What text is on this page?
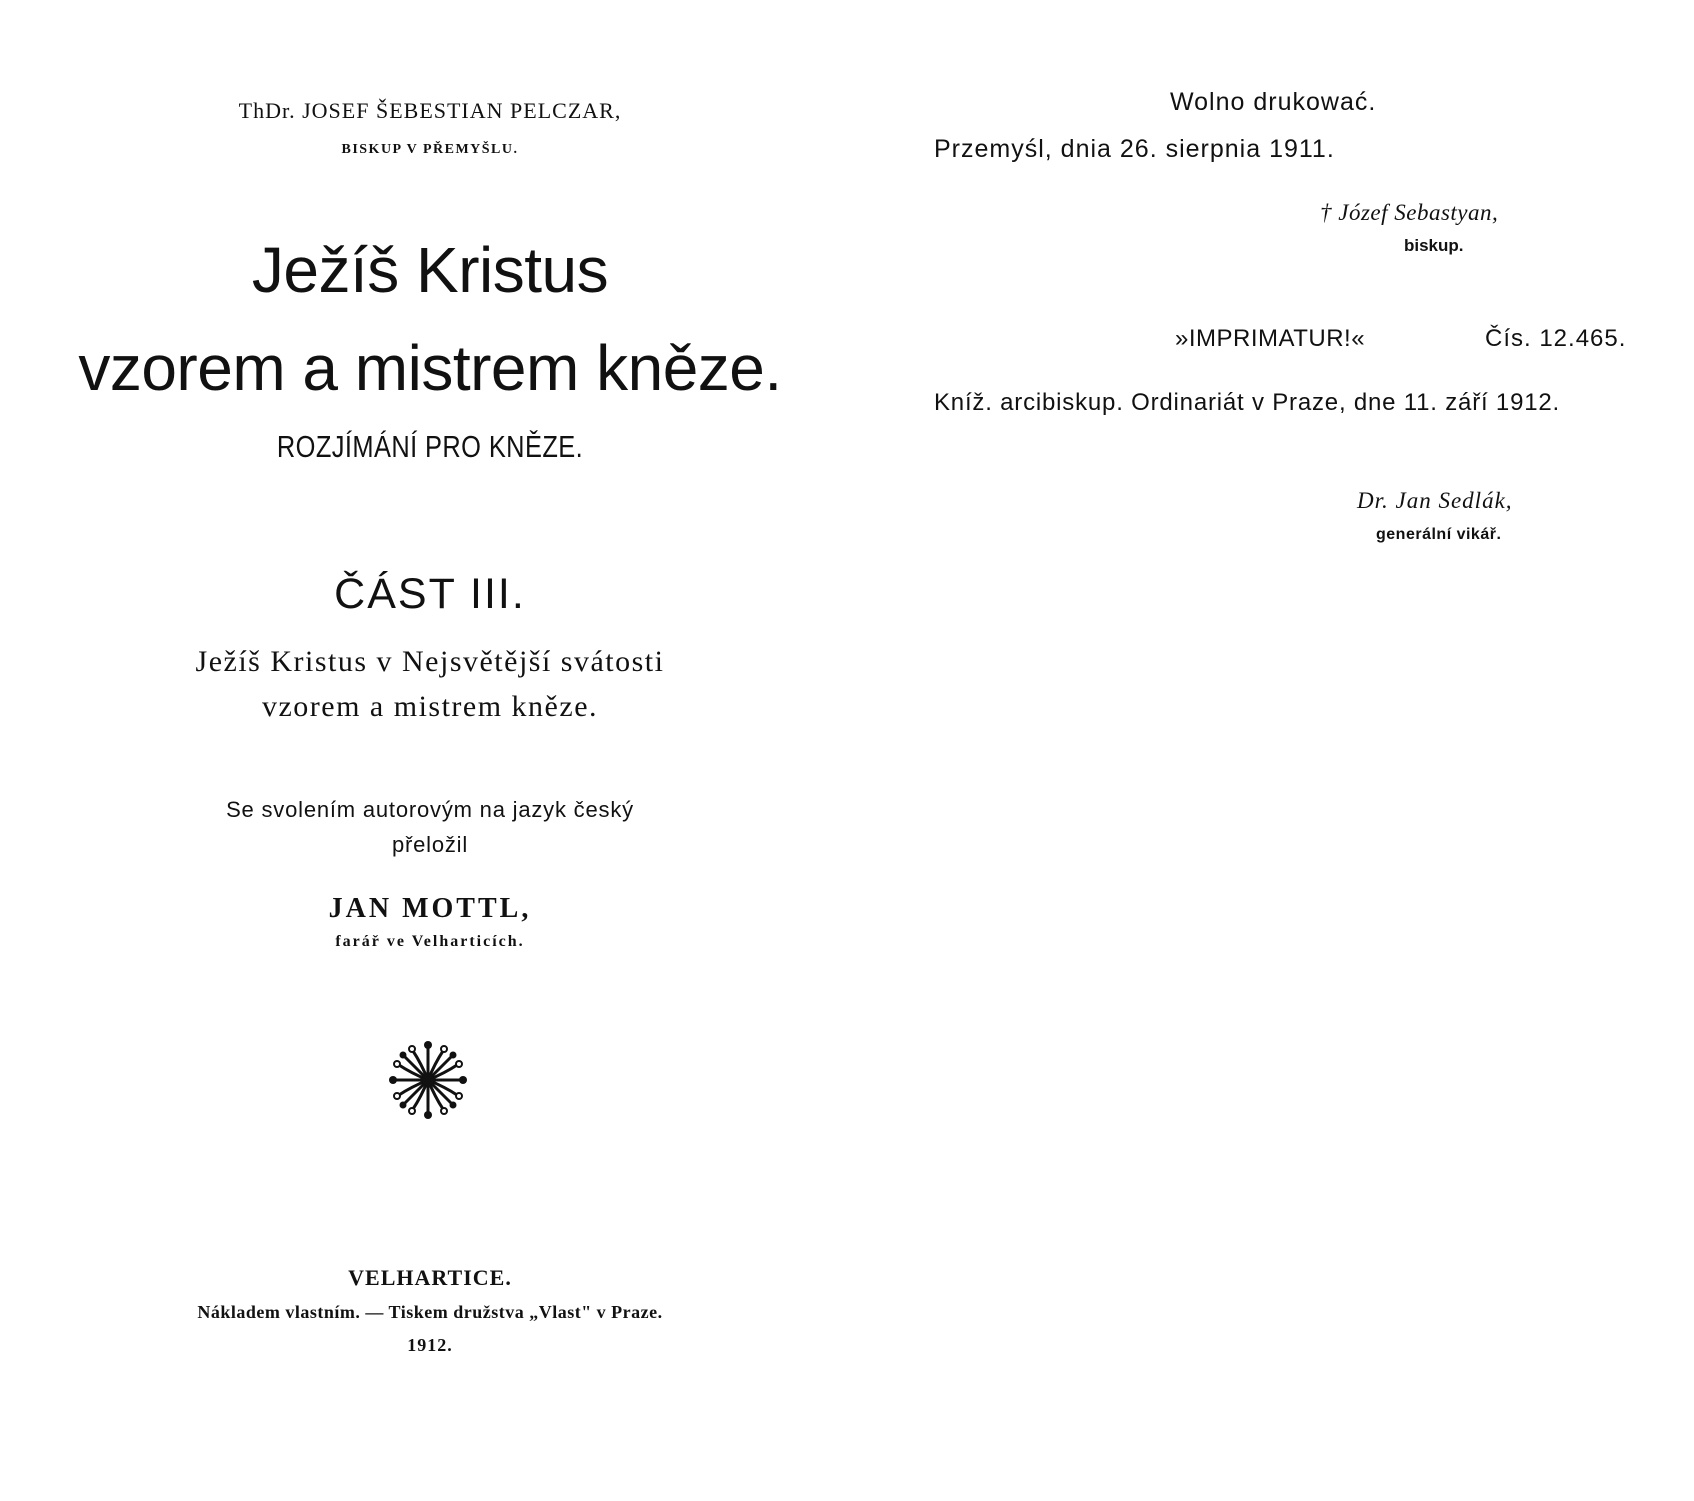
ThDr. JOSEF ŠEBESTIAN PELCZAR,
BISKUP V PŘEMYŠLU.
Ježíš Kristus
vzorem a mistrem kněze.
ROZJÍMÁNÍ PRO KNĚZE.
ČÁST III.
Ježíš Kristus v Nejsvětější svátosti
vzorem a mistrem kněze.
Se svolením autorovým na jazyk český
přeložil
JAN MOTTL,
farář ve Velharticích.
VELHARTICE.
Nákladem vlastním. — Tiskem družstva „Vlast" v Praze.
1912.
Wolno drukować.
Przemyśl, dnia 26. sierpnia 1911.
† Józef Sebastyan,
biskup.
»IMPRIMATUR!«	Čís. 12.465.
Kníž. arcibiskup. Ordinariát v Praze, dne 11. září 1912.
Dr. Jan Sedlák,
generální vikář.
